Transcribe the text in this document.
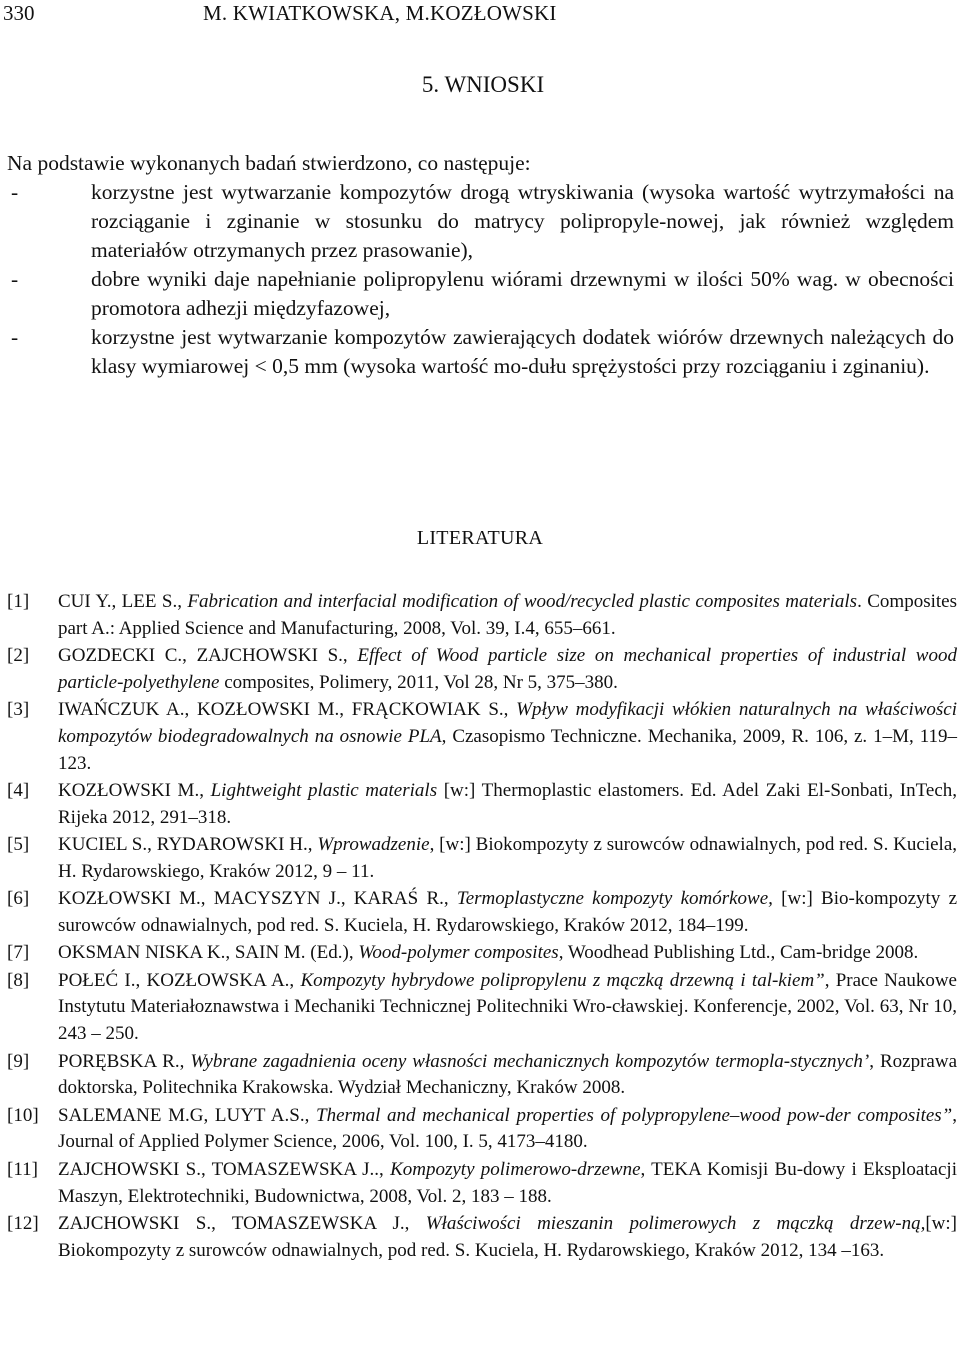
330	M. KWIATKOWSKA, M.KOZŁOWSKI
5. WNIOSKI

Na podstawie wykonanych badań stwierdzono, co następuje:

-	korzystne jest wytwarzanie kompozytów drogą wtryskiwania (wysoka wartość wytrzymałości na rozciąganie i zginanie w stosunku do matrycy polipropyle-nowej, jak również względem materiałów otrzymanych przez prasowanie),
-	dobre wyniki daje napełnianie polipropylenu wiórami drzewnymi w ilości 50% wag. w obecności promotora adhezji międzyfazowej,
-	korzystne jest wytwarzanie kompozytów zawierających dodatek wiórów drzewnych należących do klasy wymiarowej < 0,5 mm (wysoka wartość mo-dułu sprężystości przy rozciąganiu i zginaniu).
LITERATURA
[1]	CUI Y., LEE S., Fabrication and interfacial modification of wood/recycled plastic composites materials. Composites part A.: Applied Science and Manufacturing, 2008, Vol. 39, I.4, 655–661.
[2]	GOZDECKI C., ZAJCHOWSKI S., Effect of Wood particle size on mechanical properties of industrial wood particle-polyethylene composites, Polimery, 2011, Vol 28, Nr 5, 375–380.
[3]	IWAŃCZUK A., KOZŁOWSKI M., FRĄCKOWIAK S., Wpływ modyfikacji włókien naturalnych na właściwości kompozytów biodegradowalnych na osnowie PLA, Czasopismo Techniczne. Mechanika, 2009, R. 106, z. 1–M, 119–123.
[4]	KOZŁOWSKI M., Lightweight plastic materials [w:] Thermoplastic elastomers. Ed. Adel Zaki El-Sonbati, InTech, Rijeka 2012, 291–318.
[5]	KUCIEL S., RYDAROWSKI H., Wprowadzenie, [w:] Biokompozyty z surowców odnawialnych, pod red. S. Kuciela, H. Rydarowskiego, Kraków 2012, 9 – 11.
[6]	KOZŁOWSKI M., MACYSZYN J., KARAŚ R., Termoplastyczne kompozyty komórkowe, [w:] Bio-kompozyty z surowców odnawialnych, pod red. S. Kuciela, H. Rydarowskiego, Kraków 2012, 184–199.
[7]	OKSMAN NISKA K., SAIN M. (Ed.), Wood-polymer composites, Woodhead Publishing Ltd., Cam-bridge 2008.
[8]	POŁEĆ I., KOZŁOWSKA A., Kompozyty hybrydowe polipropylenu z mączką drzewną i tal-kiem”, Prace Naukowe Instytutu Materiałoznawstwa i Mechaniki Technicznej Politechniki Wro-cławskiej. Konferencje, 2002, Vol. 63, Nr 10, 243 – 250.
[9]	PORĘBSKA R., Wybrane zagadnienia oceny własności mechanicznych kompozytów termopla-stycznych’, Rozprawa doktorska, Politechnika Krakowska. Wydział Mechaniczny, Kraków 2008.
[10]	SALEMANE M.G, LUYT A.S., Thermal and mechanical properties of polypropylene–wood pow-der composites”, Journal of Applied Polymer Science, 2006, Vol. 100, I. 5, 4173–4180.
[11]	ZAJCHOWSKI S., TOMASZEWSKA J.., Kompozyty polimerowo-drzewne, TEKA Komisji Bu-dowy i Eksploatacji Maszyn, Elektrotechniki, Budownictwa, 2008, Vol. 2, 183 – 188.
[12]	ZAJCHOWSKI S., TOMASZEWSKA J., Właściwości mieszanin polimerowych z mączką drzew-ną,[w:] Biokompozyty z surowców odnawialnych, pod red. S. Kuciela, H. Rydarowskiego, Kraków 2012, 134 –163.
